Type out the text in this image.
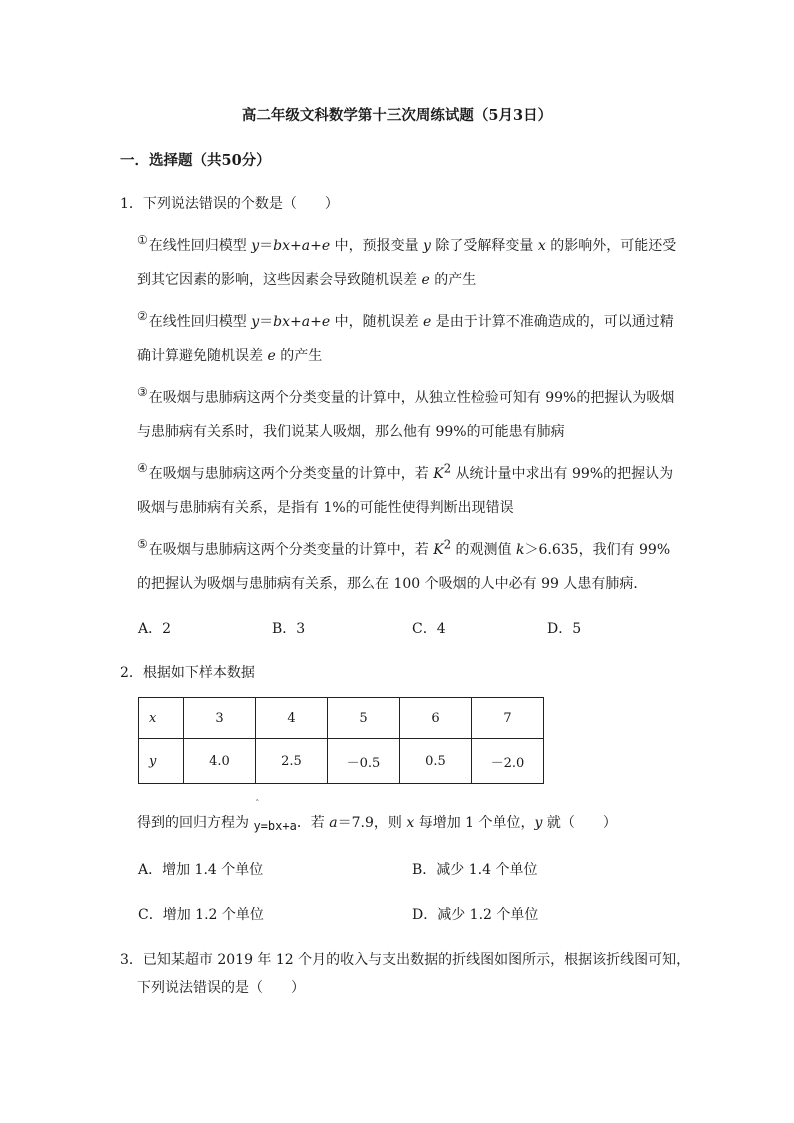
高二年级文科数学第十三次周练试题（5月3日）
一．选择题（共50分）
1．下列说法错误的个数是（　　）
①在线性回归模型 y＝bx+a+e 中，预报变量 y 除了受解释变量 x 的影响外，可能还受到其它因素的影响，这些因素会导致随机误差 e 的产生
②在线性回归模型 y＝bx+a+e 中，随机误差 e 是由于计算不准确造成的，可以通过精确计算避免随机误差 e 的产生
③在吸烟与患肺病这两个分类变量的计算中，从独立性检验可知有 99%的把握认为吸烟与患肺病有关系时，我们说某人吸烟，那么他有 99%的可能患有肺病
④在吸烟与患肺病这两个分类变量的计算中，若 $K^2$ 从统计量中求出有 99%的把握认为吸烟与患肺病有关系，是指有 1%的可能性使得判断出现错误
⑤在吸烟与患肺病这两个分类变量的计算中，若 $K^2$ 的观测值 k＞6.635，我们有 99%的把握认为吸烟与患肺病有关系，那么在 100 个吸烟的人中必有 99 人患有肺病．
A．2	B．3	C．4	D．5
2．根据如下样本数据
x	3	4	5	6	7
y	4.0	2.5	－0.5	0.5	－2.0
ˆ
得到的回归方程为 y=bx+a．若 a＝7.9，则 x 每增加 1 个单位，y 就（　　）
A．增加 1.4 个单位	B．减少 1.4 个单位
C．增加 1.2 个单位	D．减少 1.2 个单位
3．已知某超市 2019 年 12 个月的收入与支出数据的折线图如图所示，根据该折线图可知，
下列说法错误的是（　　）
